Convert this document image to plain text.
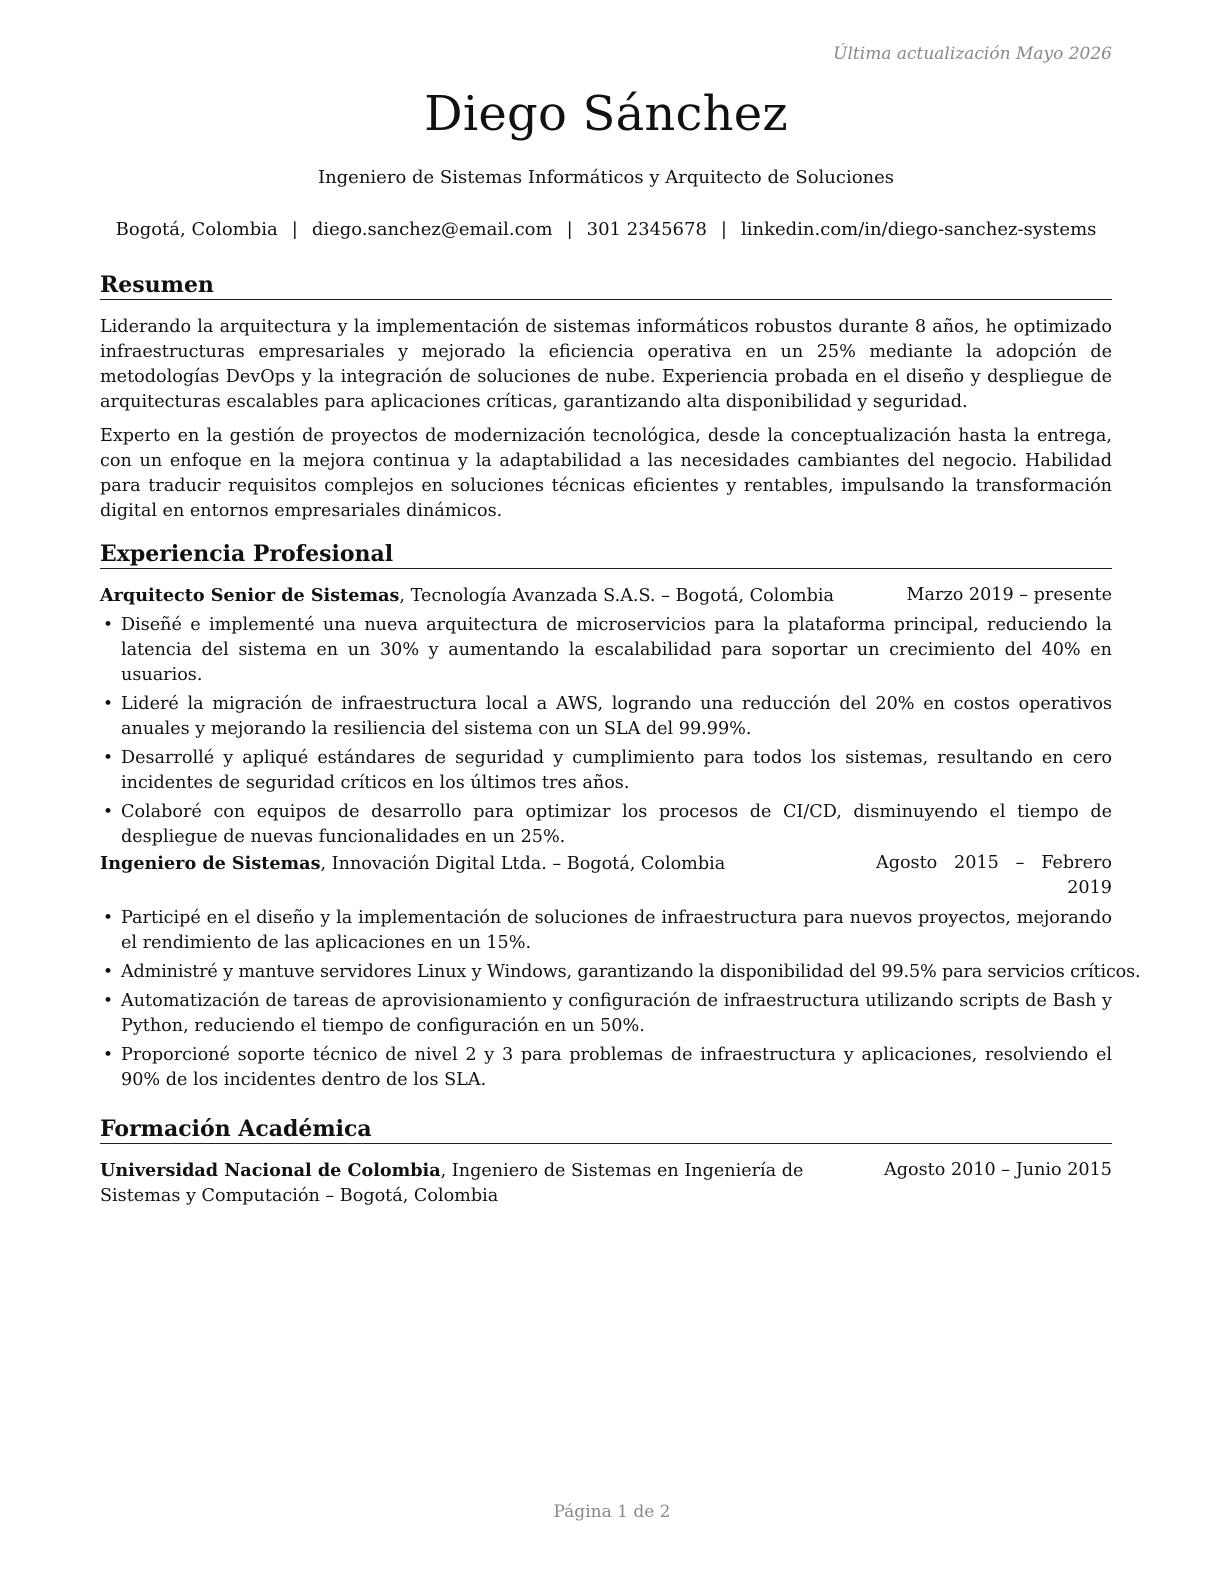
Última actualización Mayo 2026
Diego Sánchez
Ingeniero de Sistemas Informáticos y Arquitecto de Soluciones
Bogotá, Colombia | diego.sanchez@email.com | 301 2345678 | linkedin.com/in/diego-sanchez-systems
Resumen
Liderando la arquitectura y la implementación de sistemas informáticos robustos durante 8 años, he optimizado infraestructuras empresariales y mejorado la eficiencia operativa en un 25% mediante la adopción de metodologías DevOps y la integración de soluciones de nube. Experiencia probada en el diseño y despliegue de arquitecturas escalables para aplicaciones críticas, garantizando alta disponibilidad y seguridad.
Experto en la gestión de proyectos de modernización tecnológica, desde la conceptualización hasta la entrega, con un enfoque en la mejora continua y la adaptabilidad a las necesidades cambiantes del negocio. Habilidad para traducir requisitos complejos en soluciones técnicas eficientes y rentables, impulsando la transformación digital en entornos empresariales dinámicos.
Experiencia Profesional
Arquitecto Senior de Sistemas, Tecnología Avanzada S.A.S. – Bogotá, Colombia	Marzo 2019 – presente
• Diseñé e implementé una nueva arquitectura de microservicios para la plataforma principal, reduciendo la latencia del sistema en un 30% y aumentando la escalabilidad para soportar un crecimiento del 40% en usuarios.
• Lideré la migración de infraestructura local a AWS, logrando una reducción del 20% en costos operativos anuales y mejorando la resiliencia del sistema con un SLA del 99.99%.
• Desarrollé y apliqué estándares de seguridad y cumplimiento para todos los sistemas, resultando en cero incidentes de seguridad críticos en los últimos tres años.
• Colaboré con equipos de desarrollo para optimizar los procesos de CI/CD, disminuyendo el tiempo de despliegue de nuevas funcionalidades en un 25%.
Ingeniero de Sistemas, Innovación Digital Ltda. – Bogotá, Colombia	Agosto 2015 – Febrero 2019
• Participé en el diseño y la implementación de soluciones de infraestructura para nuevos proyectos, mejorando el rendimiento de las aplicaciones en un 15%.
• Administré y mantuve servidores Linux y Windows, garantizando la disponibilidad del 99.5% para servicios críticos.
• Automatización de tareas de aprovisionamiento y configuración de infraestructura utilizando scripts de Bash y Python, reduciendo el tiempo de configuración en un 50%.
• Proporcioné soporte técnico de nivel 2 y 3 para problemas de infraestructura y aplicaciones, resolviendo el 90% de los incidentes dentro de los SLA.
Formación Académica
Universidad Nacional de Colombia, Ingeniero de Sistemas en Ingeniería de Sistemas y Computación – Bogotá, Colombia
Agosto 2010 – Junio 2015
Página 1 de 2
